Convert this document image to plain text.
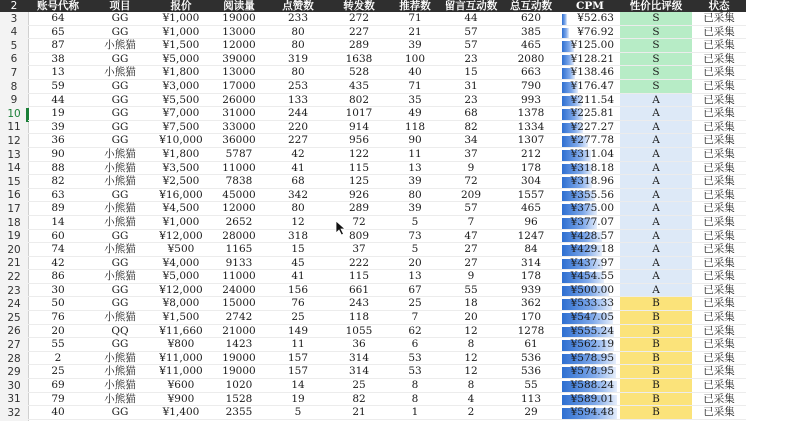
2
3
4
5
6
7
8
9
10
11
12
13
14
15
16
17
18
19
20
21
22
23
24
25
26
27
28
29
30
31
32
账号代称	项目	报价	阅读量	点赞数	转发数	推荐数	留言互动数	总互动数	CPM	性价比评级	状态
64	GG	¥1,000	19000	233	272	71	44	620	¥52.63	S	已采集
65	GG	¥1,000	13000	80	227	21	57	385	¥76.92	S	已采集
87	小熊猫	¥1,500	12000	80	289	39	57	465	¥125.00	S	已采集
38	GG	¥5,000	39000	319	1638	100	23	2080	¥128.21	S	已采集
13	小熊猫	¥1,800	13000	80	528	40	15	663	¥138.46	S	已采集
59	GG	¥3,000	17000	253	435	71	31	790	¥176.47	S	已采集
44	GG	¥5,500	26000	133	802	35	23	993	¥211.54	A	已采集
19	GG	¥7,000	31000	244	1017	49	68	1378	¥225.81	A	已采集
39	GG	¥7,500	33000	220	914	118	82	1334	¥227.27	A	已采集
36	GG	¥10,000	36000	227	956	90	34	1307	¥277.78	A	已采集
90	小熊猫	¥1,800	5787	42	122	11	37	212	¥311.04	A	已采集
88	小熊猫	¥3,500	11000	41	115	13	9	178	¥318.18	A	已采集
82	小熊猫	¥2,500	7838	68	125	39	72	304	¥318.96	A	已采集
63	GG	¥16,000	45000	342	926	80	209	1557	¥355.56	A	已采集
89	小熊猫	¥4,500	12000	80	289	39	57	465	¥375.00	A	已采集
14	小熊猫	¥1,000	2652	12	72	5	7	96	¥377.07	A	已采集
60	GG	¥12,000	28000	318	809	73	47	1247	¥428.57	A	已采集
74	小熊猫	¥500	1165	15	37	5	27	84	¥429.18	A	已采集
42	GG	¥4,000	9133	45	222	20	27	314	¥437.97	A	已采集
86	小熊猫	¥5,000	11000	41	115	13	9	178	¥454.55	A	已采集
30	GG	¥12,000	24000	156	661	67	55	939	¥500.00	A	已采集
50	GG	¥8,000	15000	76	243	25	18	362	¥533.33	B	已采集
76	小熊猫	¥1,500	2742	25	118	7	20	170	¥547.05	B	已采集
20	QQ	¥11,660	21000	149	1055	62	12	1278	¥555.24	B	已采集
55	GG	¥800	1423	11	36	6	8	61	¥562.19	B	已采集
2	小熊猫	¥11,000	19000	157	314	53	12	536	¥578.95	B	已采集
25	小熊猫	¥11,000	19000	157	314	53	12	536	¥578.95	B	已采集
69	小熊猫	¥600	1020	14	25	8	8	55	¥588.24	B	已采集
79	小熊猫	¥900	1528	19	82	8	4	113	¥589.01	B	已采集
40	GG	¥1,400	2355	5	21	1	2	29	¥594.48	B	已采集
